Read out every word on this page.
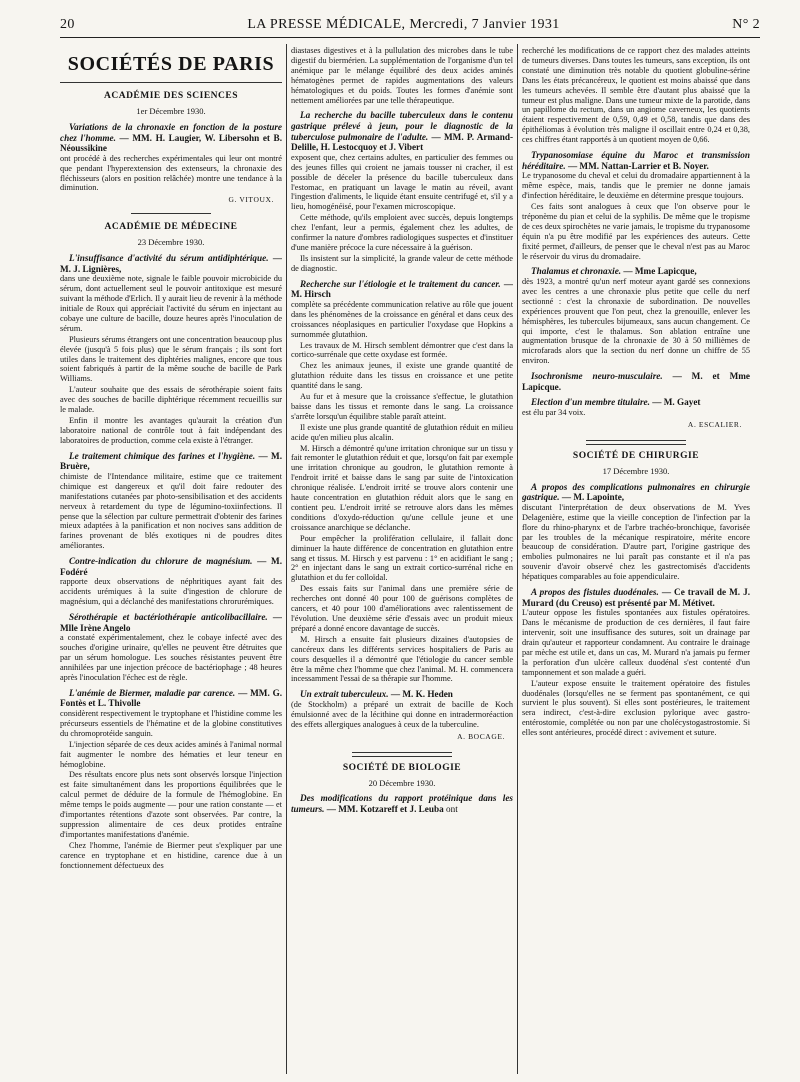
20	LA PRESSE MÉDICALE, Mercredi, 7 Janvier 1931	N° 2
SOCIÉTÉS DE PARIS
ACADÉMIE DES SCIENCES
1er Décembre 1930.
Variations de la chronaxie en fonction de la posture chez l'homme. — MM. H. Laugier, W. Libersohn et B. Néoussikine

ont procédé à des recherches expérimentales qui leur ont montré que pendant l'hyperextension des extenseurs, la chronaxie des fléchisseurs (alors en position relâchée) montre une tendance à la diminution.

G. VITOUX.
ACADÉMIE DE MÉDECINE
23 Décembre 1930.
L'insuffisance d'activité du sérum antidiphtérique. — M. J. Lignières,

dans une deuxième note, signale le faible pouvoir microbicide du sérum, dont actuellement seul le pouvoir antitoxique est mesuré suivant la méthode d'Erlich. Il y aurait lieu de revenir à la méthode initiale de Roux qui appréciait l'activité du sérum en injectant au cobaye une culture de bacille, douze heures après l'inoculation de sérum.

Plusieurs sérums étrangers ont une concentration beaucoup plus élevée (jusqu'à 5 fois plus) que le sérum français ; ils sont fort utiles dans le traitement des diphtéries malignes, encore que tous soient fabriqués à partir de la même souche de bacille de Park Williams.

L'auteur souhaite que des essais de sérothérapie soient faits avec des souches de bacille diphtérique récemment recueillis sur le malade.

Enfin il montre les avantages qu'aurait la création d'un laboratoire national de contrôle tout à fait indépendant des laboratoires de production, comme cela existe à l'étranger.

Le traitement chimique des farines et l'hygiène. — M. Bruère,

chimiste de l'Intendance militaire, estime que ce traitement chimique est dangereux et qu'il doit faire redouter des manifestations cutanées par photo-sensibilisation et des accidents nerveux à retardement du type de légumino-toxiinfections. Il pense que la sélection par culture permettrait d'obtenir des farines mieux adaptées à la panification et non nocives sans addition de farines provenant de blés exotiques ni de poudres dites améliorantes.

Contre-indication du chlorure de magnésium. — M. Fodéré

rapporte deux observations de néphritiques ayant fait des accidents urémiques à la suite d'ingestion de chlorure de magnésium, qui a déclanché des manifestations chrorurémiques.

Sérothérapie et bactériothérapie anticolibacillaire. — Mlle Irène Angelo

a constaté expérimentalement, chez le cobaye infecté avec des souches d'origine urinaire, qu'elles ne peuvent être détruites que par un sérum homologue. Les souches résistantes peuvent être annihilées par une injection précoce de bactériophage ; 48 heures après l'inoculation l'échec est de règle.

L'anémie de Biermer, maladie par carence. — MM. G. Fontès et L. Thivolle

considèrent respectivement le tryptophane et l'histidine comme les précurseurs essentiels de l'hématine et de la globine constitutives du chromoprotéide sanguin.

L'injection séparée de ces deux acides aminés à l'animal normal fait augmenter le nombre des hématies et leur teneur en hémoglobine.

Des résultats encore plus nets sont observés lorsque l'injection est faite simultanément dans les proportions équilibrées que le calcul permet de déduire de la formule de l'hémoglobine. En même temps le poids augmente — pour une ration constante — et d'importantes rétentions d'azote sont observées. Par contre, la suppression alimentaire de ces deux protides entraîne d'importantes manifestations d'anémie.

Chez l'homme, l'anémie de Biermer peut s'expliquer par une carence en tryptophane et en histidine, carence due à un fonctionnement défectueux des

diastases digestives et à la pullulation des microbes dans le tube digestif du biermérien. La supplémentation de l'organisme d'un tel anémique par le mélange équilibré des deux acides aminés hématogènes permet de rapides augmentations des valeurs hématologiques et du poids. Toutes les formes d'anémie sont nettement améliorées par une telle thérapeutique.

La recherche du bacille tuberculeux dans le contenu gastrique prélevé à jeun, pour le diagnostic de la tuberculose pulmonaire de l'adulte. — MM. P. Armand-Delille, H. Lestocquoy et J. Vibert

exposent que, chez certains adultes, en particulier des femmes ou des jeunes filles qui croient ne jamais tousser ni cracher, il est possible de déceler la présence du bacille tuberculeux dans l'estomac, en pratiquant un lavage le matin au réveil, avant l'ingestion d'aliments, le liquide étant ensuite centrifugé et, s'il y a lieu, homogénéisé, pour l'examen microscopique.

Cette méthode, qu'ils emploient avec succès, depuis longtemps chez l'enfant, leur a permis, également chez les adultes, de confirmer la nature d'ombres radiologiques suspectes et d'instituer d'une manière précoce la cure nécessaire à la guérison.

Ils insistent sur la simplicité, la grande valeur de cette méthode de diagnostic.

Recherche sur l'étiologie et le traitement du cancer. — M. Hirsch

complète sa précédente communication relative au rôle que jouent dans les phénomènes de la croissance en général et dans ceux des croissances néoplasiques en particulier l'oxydase que Hopkins a surnommée glutathion.

Les travaux de M. Hirsch semblent démontrer que c'est dans la cortico-surrénale que cette oxydase est formée.

Chez les animaux jeunes, il existe une grande quantité de glutathion réduite dans les tissus en croissance et une petite quantité dans le sang.

Au fur et à mesure que la croissance s'effectue, le glutathion baisse dans les tissus et remonte dans le sang. La croissance s'arrête lorsqu'un équilibre stable paraît atteint.

Il existe une plus grande quantité de glutathion réduit en milieu acide qu'en milieu plus alcalin.

M. Hirsch a démontré qu'une irritation chronique sur un tissu y fait remonter le glutathion réduit et que, lorsqu'on fait par exemple une irritation chronique au goudron, le glutathion remonte à l'endroit irrité et baisse dans le sang par suite de l'intoxication chronique réalisée. L'endroit irrité se trouve alors contenir une haute concentration en glutathion réduit alors que le sang en contient peu. L'endroit irrité se retrouve alors dans les mêmes conditions d'oxydo-réduction qu'une cellule jeune et une croissance anarchique se déclanche.

Pour empêcher la prolifération cellulaire, il fallait donc diminuer la haute différence de concentration en glutathion entre sang et tissus. M. Hirsch y est parvenu : 1° en acidifiant le sang ; 2° en injectant dans le sang un extrait cortico-surrénal riche en glutathion et du fer colloïdal.

Des essais faits sur l'animal dans une première série de recherches ont donné 40 pour 100 de guérisons complètes de cancers, et 40 pour 100 d'améliorations avec ralentissement de l'évolution. Une deuxième série d'essais avec un produit mieux préparé a donné encore davantage de succès.

M. Hirsch a ensuite fait plusieurs dizaines d'autopsies de cancéreux dans les différents services hospitaliers de Paris au cours desquelles il a démontré que l'étiologie du cancer semble être la même chez l'homme que chez l'animal. M. H. commencera incessamment l'essai de sa thérapie sur l'homme.

Un extrait tuberculeux. — M. K. Heden

(de Stockholm) a préparé un extrait de bacille de Koch émulsionné avec de la lécithine qui donne en intradermoréaction des effets allergiques analogues à ceux de la tuberculine.

A. BOCAGE.
SOCIÉTÉ DE BIOLOGIE
20 Décembre 1930.
Des modifications du rapport protéinique dans les tumeurs. — MM. Kotzareff et J. Leuba ont

recherché les modifications de ce rapport chez des malades atteints de tumeurs diverses. Dans toutes les tumeurs, sans exception, ils ont constaté une diminution très notable du quotient globuline-sérine Dans les états précancéreux, le quotient est moins abaissé que dans les tumeurs achevées. Il semble être d'autant plus abaissé que la tumeur est plus maligne. Dans une tumeur mixte de la parotide, dans un papillome du rectum, dans un angiome caverneux, les quotients étaient respectivement de 0,59, 0,49 et 0,58, tandis que dans des épithéliomas à évolution très maligne il oscillait entre 0,24 et 0,38, ces chiffres étant rapportés à un quotient moyen de 0,66.

Trypanosomiase équine du Maroc et transmission héréditaire. — MM. Nattan-Larrier et B. Noyer.

Le trypanosome du cheval et celui du dromadaire appartiennent à la même espèce, mais, tandis que le premier ne donne jamais d'infection héréditaire, le deuxième en détermine presque toujours.

Ces faits sont analogues à ceux que l'on observe pour le tréponème du pian et celui de la syphilis. De même que le tropisme de ces deux spirochètes ne varie jamais, le tropisme du trypanosome équin n'a pu être modifié par les expériences des auteurs. Cette fixité permet, d'ailleurs, de penser que le cheval n'est pas au Maroc le réservoir du virus du dromadaire.

Thalamus et chronaxie. — Mme Lapicque,

dès 1923, a montré qu'un nerf moteur ayant gardé ses connexions avec les centres a une chronaxie plus petite que celle du nerf sectionné : c'est la chronaxie de subordination. De nouvelles expériences prouvent que l'on peut, chez la grenouille, enlever les hémisphères, les tubercules bijumeaux, sans aucun changement. Ce qui importe, c'est le thalamus. Son ablation entraîne une augmentation brusque de la chronaxie de 30 à 50 millièmes de microfarads alors que la section du nerf donne un chiffre de 55 environ.

Isochronisme neuro-musculaire. — M. et Mme Lapicque.
Election d'un membre titulaire. — M. Gayet

est élu par 34 voix.

A. ESCALIER.
SOCIÉTÉ DE CHIRURGIE
17 Décembre 1930.
A propos des complications pulmonaires en chirurgie gastrique. — M. Lapointe,

discutant l'interprétation de deux observations de M. Yves Delagenière, estime que la vieille conception de l'infection par la flore du rhino-pharynx et de l'arbre trachéo-bronchique, favorisée par les troubles de la mécanique respiratoire, mérite encore beaucoup de considération. D'autre part, l'origine gastrique des embolies pulmonaires ne lui paraît pas constante et il n'a pas souvenir d'avoir observé chez les gastrectomisés d'accidents hépatiques comparables au foie appendiculaire.

A propos des fistules duodénales. — Ce travail de M. J. Murard (du Creuso) est présenté par M. Métivet.

L'auteur oppose les fistules spontanées aux fistules opératoires. Dans le mécanisme de production de ces dernières, il faut faire intervenir, soit une insuffisance des sutures, soit un drainage par drain qu'auteur et rapporteur condamnent. Au contraire le drainage par mèche est utile et, dans un cas, M. Murard n'a jamais pu fermer la perforation d'un ulcère calleux duodénal s'est contenté d'un tamponnement et son malade a guéri.

L'auteur expose ensuite le traitement opératoire des fistules duodénales (lorsqu'elles ne se ferment pas spontanément, ce qui survient le plus souvent). Si elles sont postérieures, le traitement sera indirect, c'est-à-dire exclusion pylorique avec gastro-entérostomie, complétée ou non par une cholécystogastrostomie. Si elles sont antérieures, procédé direct : avivement et suture.
